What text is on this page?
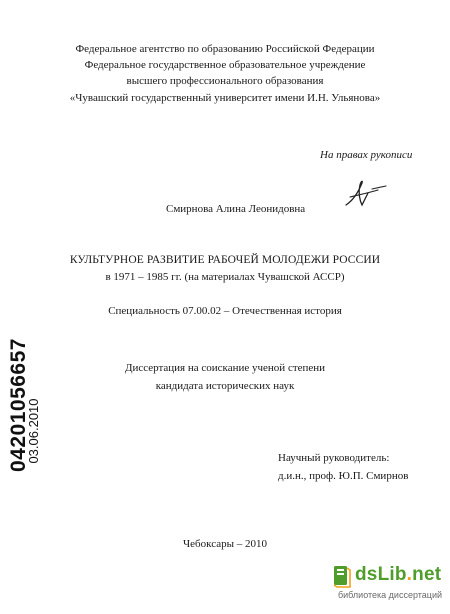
Федеральное агентство по образованию Российской Федерации
Федеральное государственное образовательное учреждение
высшего профессионального образования
«Чувашский государственный университет имени И.Н. Ульянова»
На правах рукописи
Смирнова Алина Леонидовна
КУЛЬТУРНОЕ РАЗВИТИЕ РАБОЧЕЙ МОЛОДЕЖИ РОССИИ
в 1971 – 1985 гг. (на материалах Чувашской АССР)
Специальность 07.00.02 – Отечественная история
Диссертация на соискание ученой степени
кандидата исторических наук
Научный руководитель:
д.и.н., проф. Ю.П. Смирнов
Чебоксары – 2010
04201056657
03.06.2010
dsLib.net
библиотека диссертаций
